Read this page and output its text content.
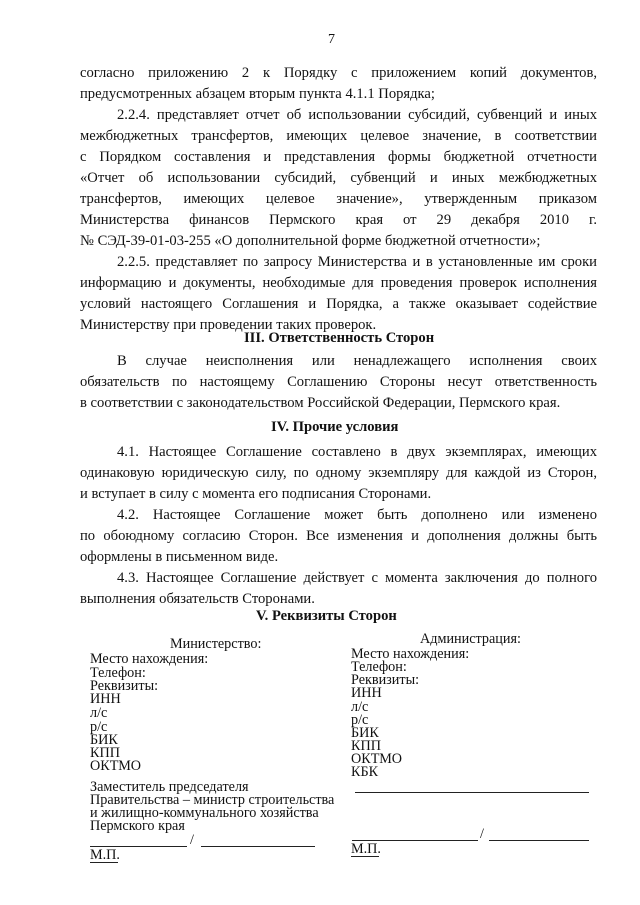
7
согласно приложению 2 к Порядку с приложением копий документов,
предусмотренных абзацем вторым пункта 4.1.1 Порядка;
2.2.4. представляет отчет об использовании субсидий, субвенций и иных
межбюджетных трансфертов, имеющих целевое значение, в соответствии
с Порядком составления и представления формы бюджетной отчетности
«Отчет об использовании субсидий, субвенций и иных межбюджетных
трансфертов, имеющих целевое значение», утвержденным приказом
Министерства финансов Пермского края от 29 декабря 2010 г.
№ СЭД-39-01-03-255 «О дополнительной форме бюджетной отчетности»;
2.2.5. представляет по запросу Министерства и в установленные им сроки
информацию и документы, необходимые для проведения проверок исполнения
условий настоящего Соглашения и Порядка, а также оказывает содействие
Министерству при проведении таких проверок.
III. Ответственность Сторон
В случае неисполнения или ненадлежащего исполнения своих
обязательств по настоящему Соглашению Стороны несут ответственность
в соответствии с законодательством Российской Федерации, Пермского края.
IV. Прочие условия
4.1. Настоящее Соглашение составлено в двух экземплярах, имеющих
одинаковую юридическую силу, по одному экземпляру для каждой из Сторон,
и вступает в силу с момента его подписания Сторонами.
4.2. Настоящее Соглашение может быть дополнено или изменено
по обоюдному согласию Сторон. Все изменения и дополнения должны быть
оформлены в письменном виде.
4.3. Настоящее Соглашение действует с момента заключения до полного
выполнения обязательств Сторонами.
V. Реквизиты Сторон
Министерство:
Место нахождения:
Телефон:
Реквизиты:
ИНН
л/с
р/с
БИК
КПП
ОКТМО
Заместитель председателя
Правительства – министр строительства
и жилищно-коммунального хозяйства
Пермского края
/
М.П.
Администрация:
Место нахождения:
Телефон:
Реквизиты:
ИНН
л/с
р/с
БИК
КПП
ОКТМО
КБК
/
М.П.
